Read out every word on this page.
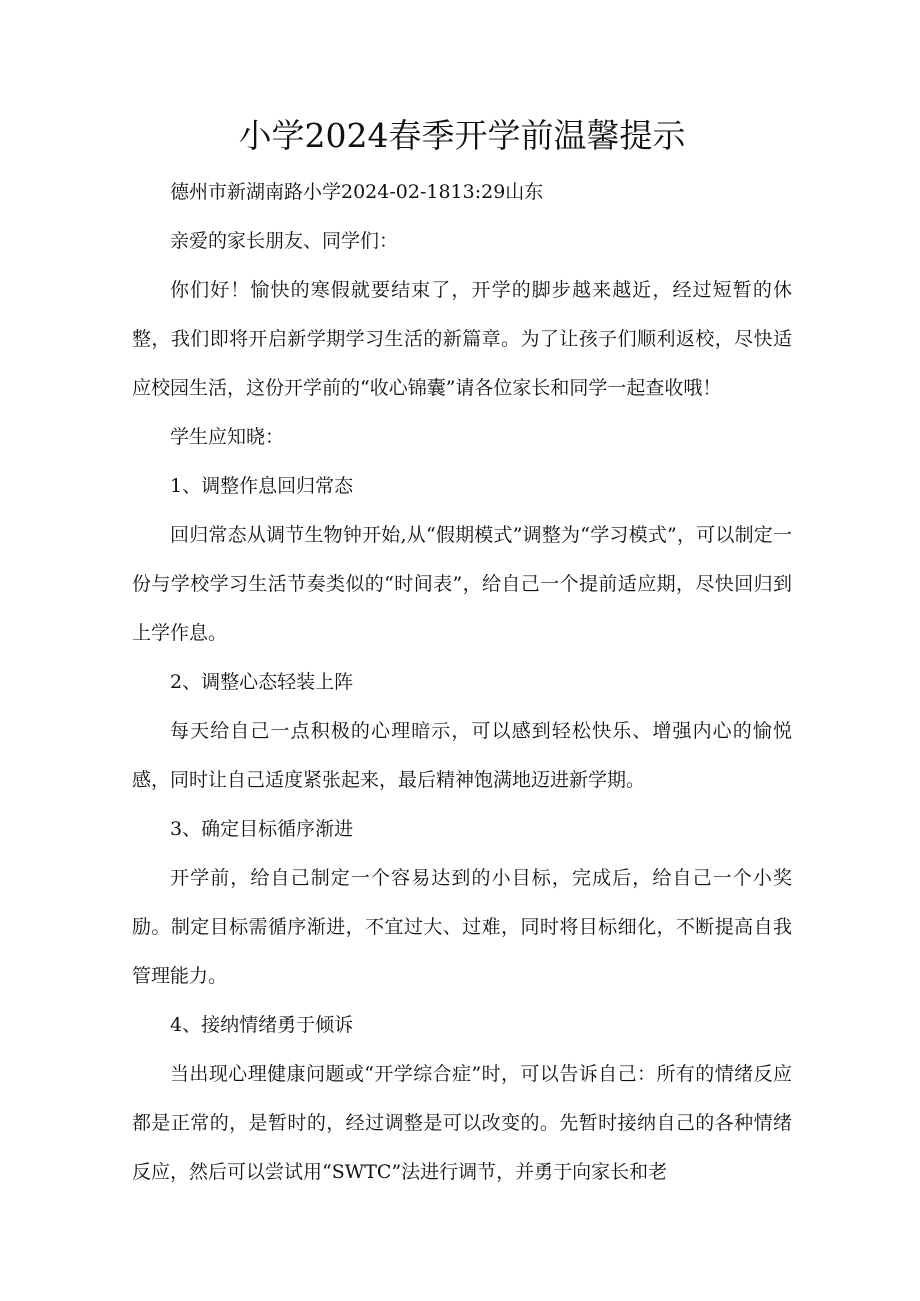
小学2024春季开学前温馨提示

德州市新湖南路小学2024-02-1813:29山东

亲爱的家长朋友、同学们：

你们好！愉快的寒假就要结束了，开学的脚步越来越近，经过短暂的休整，我们即将开启新学期学习生活的新篇章。为了让孩子们顺利返校，尽快适应校园生活，这份开学前的“收心锦囊”请各位家长和同学一起查收哦！

学生应知晓：

1、调整作息回归常态

回归常态从调节生物钟开始,从“假期模式”调整为“学习模式”，可以制定一份与学校学习生活节奏类似的“时间表”，给自己一个提前适应期，尽快回归到上学作息。

2、调整心态轻装上阵

每天给自己一点积极的心理暗示，可以感到轻松快乐、增强内心的愉悦感，同时让自己适度紧张起来，最后精神饱满地迈进新学期。

3、确定目标循序渐进

开学前，给自己制定一个容易达到的小目标，完成后，给自己一个小奖励。制定目标需循序渐进，不宜过大、过难，同时将目标细化，不断提高自我管理能力。

4、接纳情绪勇于倾诉

当出现心理健康问题或“开学综合症”时，可以告诉自己：所有的情绪反应都是正常的，是暂时的，经过调整是可以改变的。先暂时接纳自己的各种情绪反应，然后可以尝试用“SWTC”法进行调节，并勇于向家长和老
